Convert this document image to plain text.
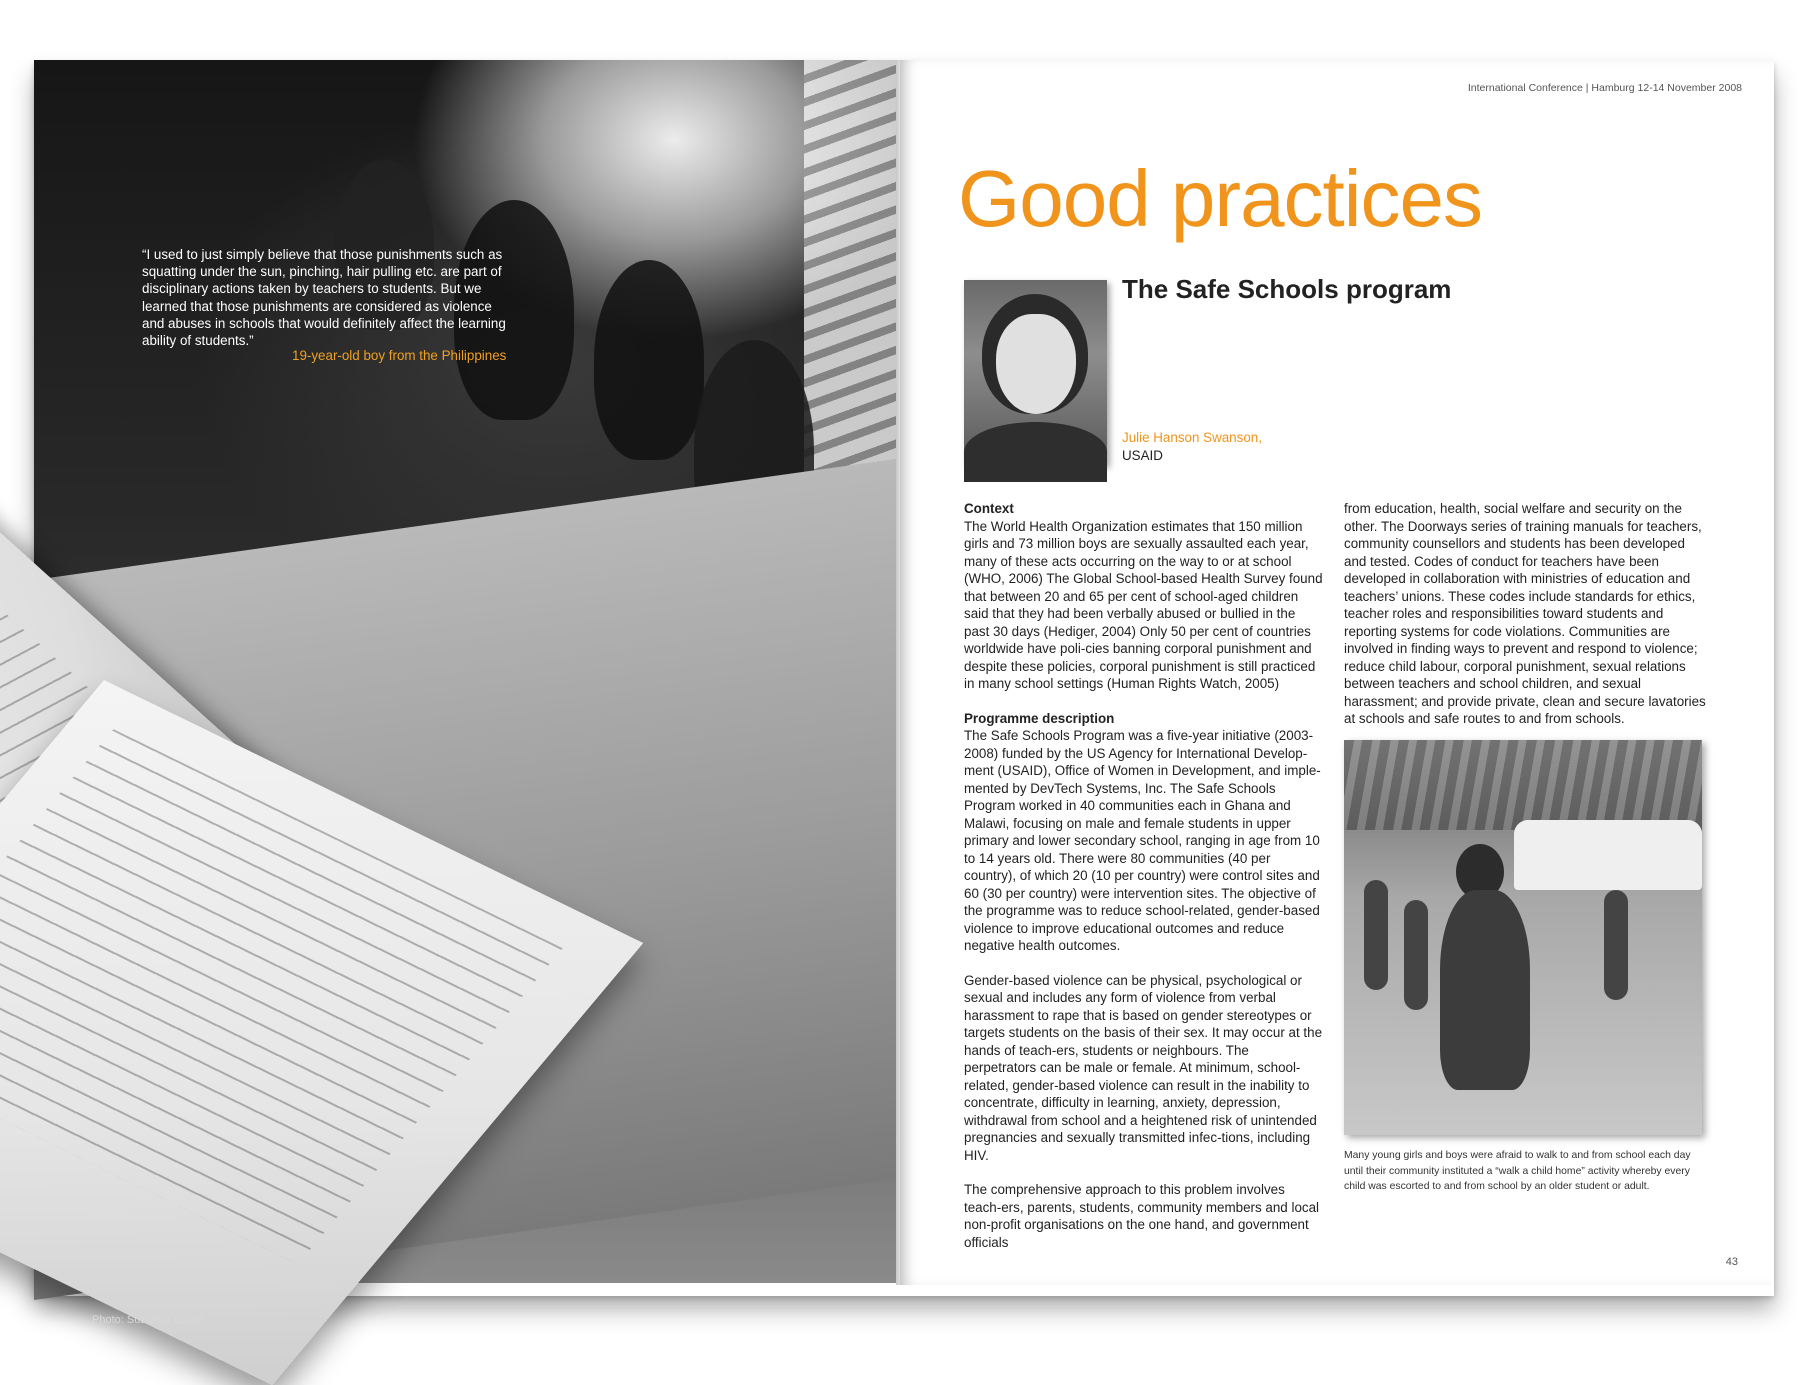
“I used to just simply believe that those punishments such as squatting under the sun, pinching, hair pulling etc. are part of disciplinary actions taken by teachers to students. But we learned that those punishments are considered as violence and abuses in schools that would definitely affect the learning ability of students.”
19-year-old boy from the Philippines
Photo: Suzanne Eichel
International Conference | Hamburg 12-14 November 2008
Good practices
The Safe Schools program
Julie Hanson Swanson,
USAID
Context

The World Health Organization estimates that 150 million girls and 73 million boys are sexually assaulted each year, many of these acts occurring on the way to or at school (WHO, 2006) The Global School-based Health Survey found that between 20 and 65 per cent of school-aged children said that they had been verbally abused or bullied in the past 30 days (Hediger, 2004) Only 50 per cent of countries worldwide have poli-cies banning corporal punishment and despite these policies, corporal punishment is still practiced in many school settings (Human Rights Watch, 2005)

Programme description

The Safe Schools Program was a five-year initiative (2003-2008) funded by the US Agency for International Develop-ment (USAID), Office of Women in Development, and imple-mented by DevTech Systems, Inc. The Safe Schools Program worked in 40 communities each in Ghana and Malawi, focusing on male and female students in upper primary and lower secondary school, ranging in age from 10 to 14 years old. There were 80 communities (40 per country), of which 20 (10 per country) were control sites and 60 (30 per country) were intervention sites. The objective of the programme was to reduce school-related, gender-based violence to improve educational outcomes and reduce negative health outcomes.

Gender-based violence can be physical, psychological or sexual and includes any form of violence from verbal harassment to rape that is based on gender stereotypes or targets students on the basis of their sex. It may occur at the hands of teach-ers, students or neighbours. The perpetrators can be male or female. At minimum, school-related, gender-based violence can result in the inability to concentrate, difficulty in learning, anxiety, depression, withdrawal from school and a heightened risk of unintended pregnancies and sexually transmitted infec-tions, including HIV.

The comprehensive approach to this problem involves teach-ers, parents, students, community members and local non-profit organisations on the one hand, and government officials

from education, health, social welfare and security on the other. The Doorways series of training manuals for teachers, community counsellors and students has been developed and tested. Codes of conduct for teachers have been developed in collaboration with ministries of education and teachers’ unions. These codes include standards for ethics, teacher roles and responsibilities toward students and reporting systems for code violations. Communities are involved in finding ways to prevent and respond to violence; reduce child labour, corporal punishment, sexual relations between teachers and school children, and sexual harassment; and provide private, clean and secure lavatories at schools and safe routes to and from schools.

Many young girls and boys were afraid to walk to and from school each day until their community instituted a “walk a child home” activity whereby every child was escorted to and from school by an older student or adult.
43
